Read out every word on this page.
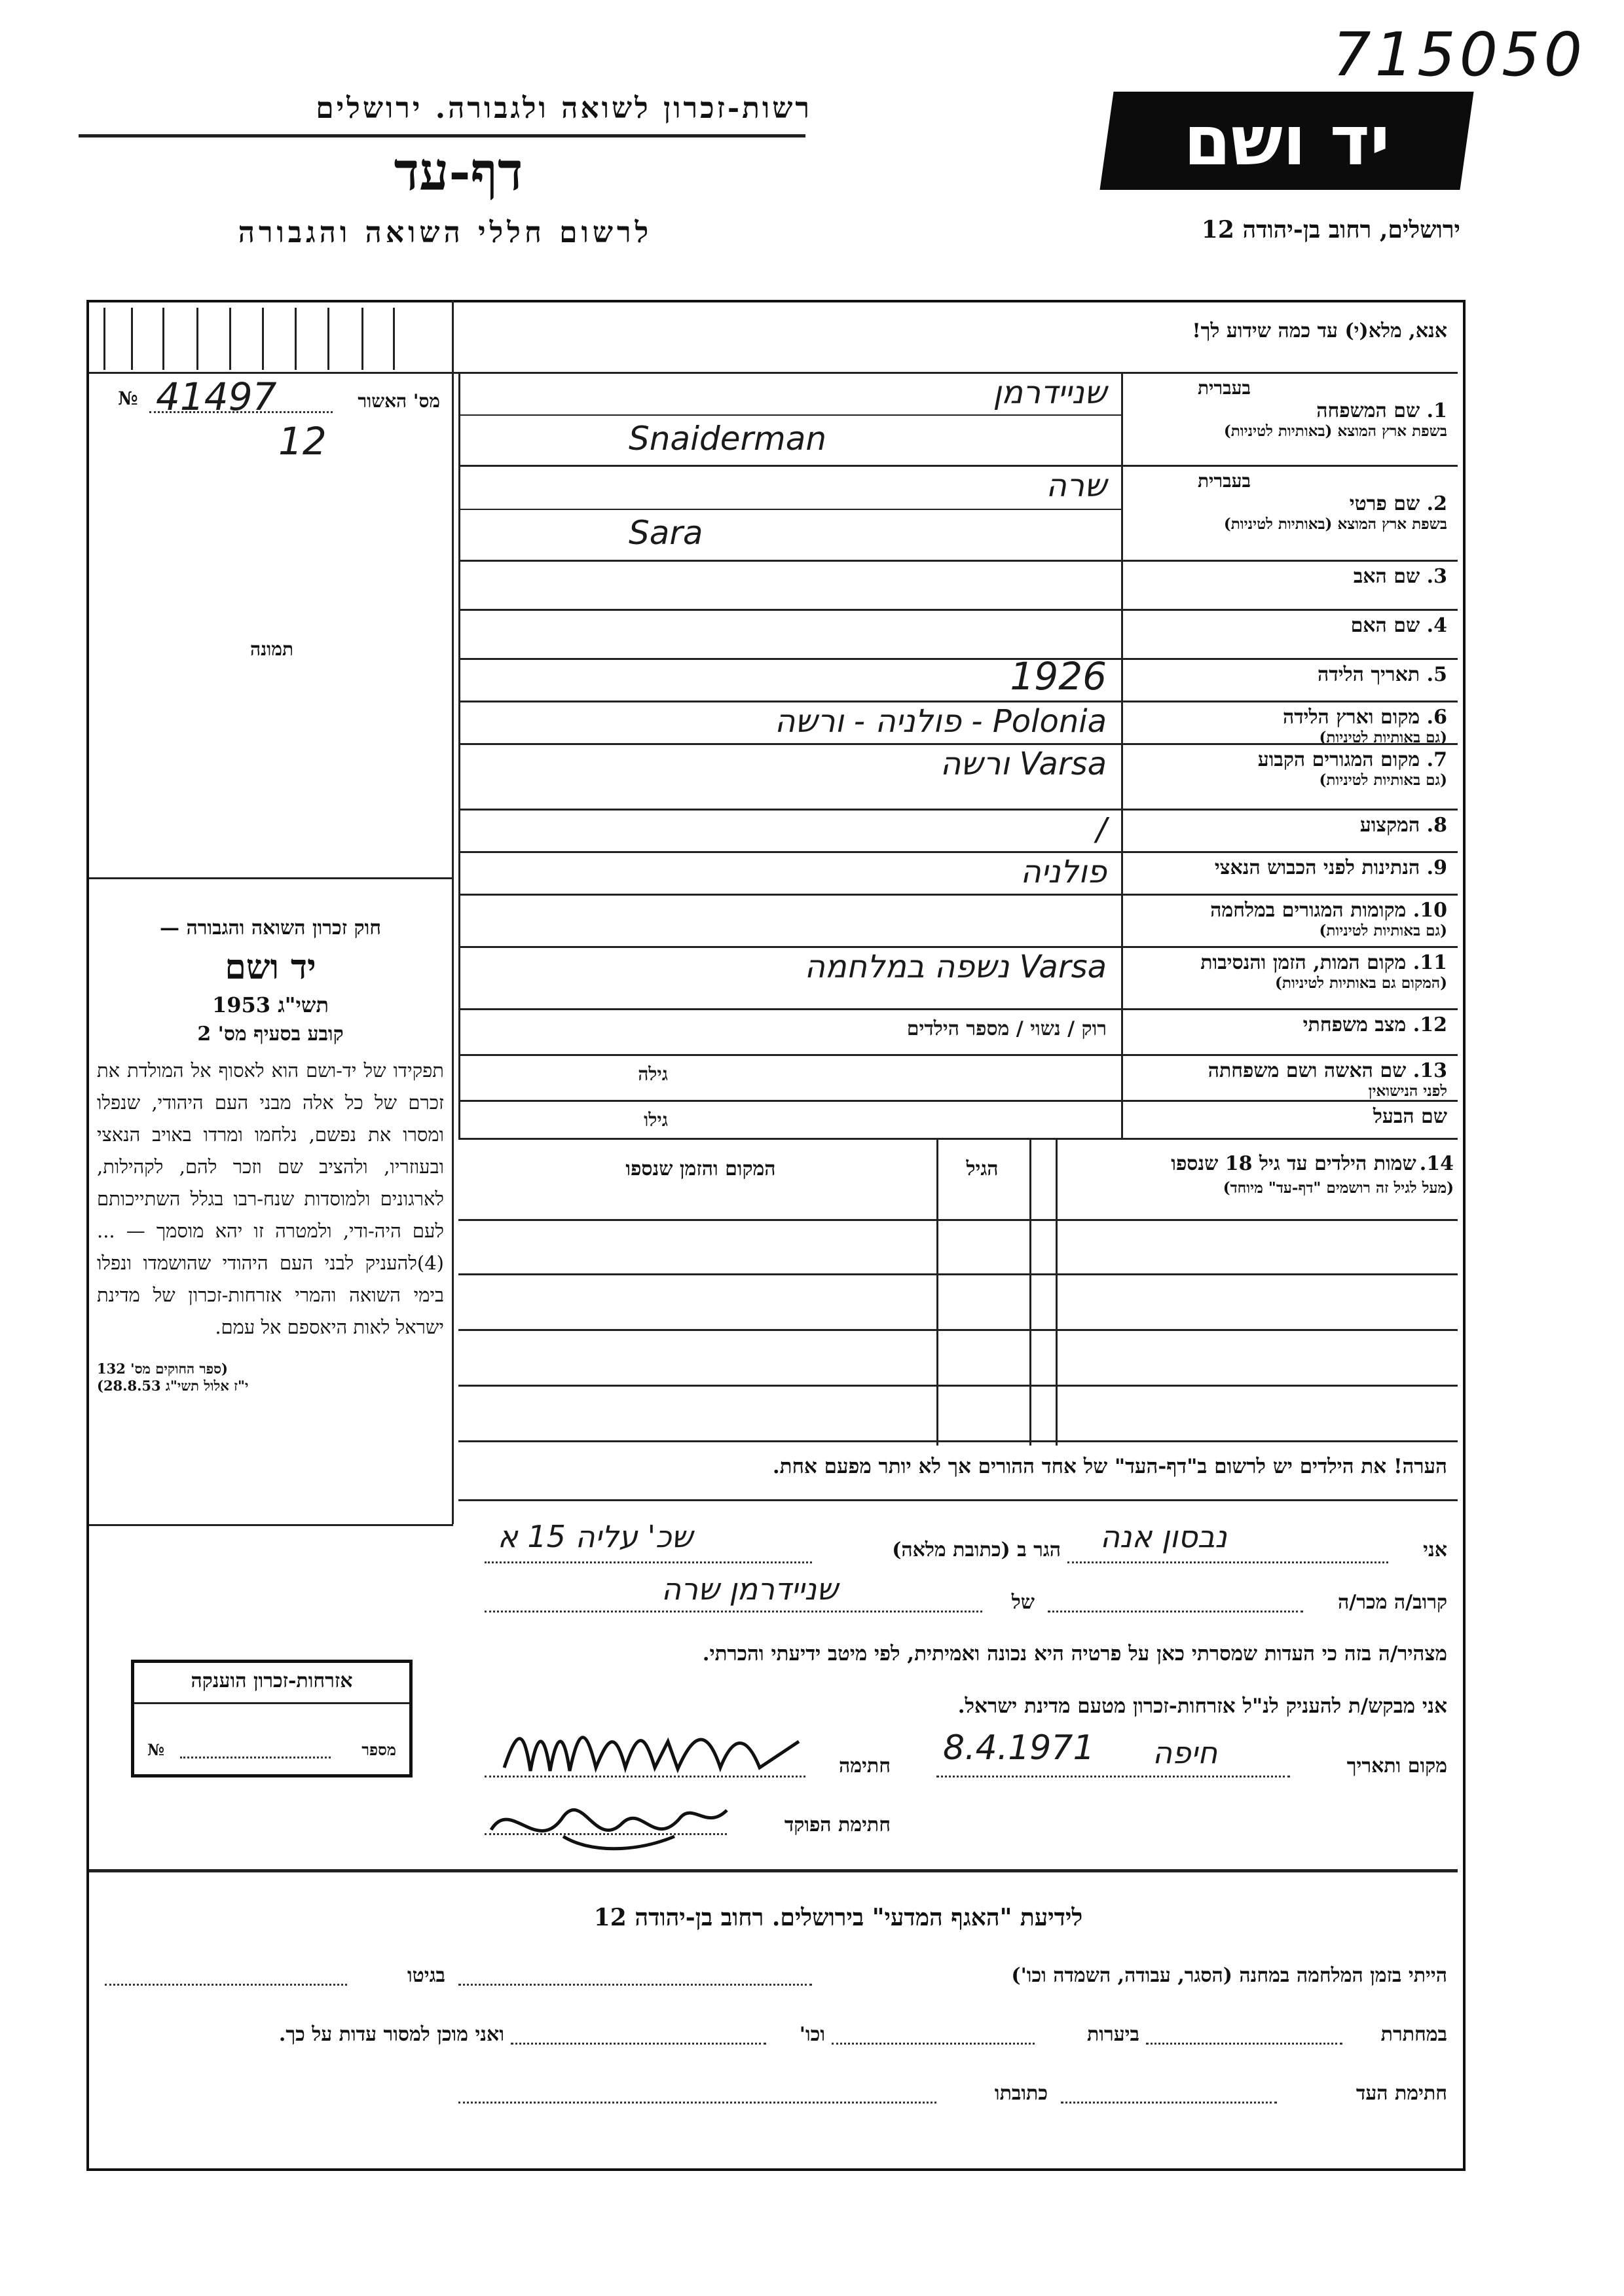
715050
רשות-זכרון לשואה ולגבורה. ירושלים
דף-עד
לרשום חללי השואה והגבורה
יד ושם
ירושלים, רחוב בן-יהודה 12
אנא, מלא(י) עד כמה שידוע לך!
№ 41497
12
מס' האשור
תמונה

חוק זכרון השואה והגבורה —

יד ושם

תשי"ג 1953

קובע בסעיף מס' 2

תפקידו של יד-ושם הוא לאסוף אל המולדת את זכרם של כל אלה מבני העם היהודי, שנפלו ומסרו את נפשם, נלחמו ומרדו באויב הנאצי ובעוזריו, ולהציב שם וזכר להם, לקהילות, לארגונים ולמוסדות שנח-רבו בגלל השתייכותם לעם היה-ודי, ולמטרה זו יהא מוסמך — ...(4)להעניק לבני העם היהודי שהושמדו ונפלו בימי השואה והמרי אזרחות-זכרון של מדינת ישראל לאות היאספם אל עמם.

(ספר החוקים מס' 132

י"ז אלול תשי"ג 28.8.53)

בעברית
1. שם המשפחה
בשפת ארץ המוצא (באותיות לטיניות)
שניידרמן
Snaiderman
בעברית
2. שם פרטי
בשפת ארץ המוצא (באותיות לטיניות)
שרה
Sara
3. שם האב
4. שם האם
5. תאריך הלידה
1926
6. מקום וארץ הלידה
(גם באותיות לטיניות)
Polonia - פולניה - ורשה
7. מקום המגורים הקבוע
(גם באותיות לטיניות)
Varsa ורשה
8. המקצוע
/
9. הנתינות לפני הכבוש הנאצי
פולניה
10. מקומות המגורים במלחמה
(גם באותיות לטיניות)
11. מקום המות, הזמן והנסיבות
(המקום גם באותיות לטיניות)
Varsa נשפה במלחמה
12. מצב משפחתי
רוק / נשוי / מספר הילדים
13. שם האשה ושם משפחתה
לפני הנישואין
גילה
שם הבעל
גילו
14. שמות הילדים עד גיל 18 שנספו
(מעל לגיל זה רושמים "דף-עד" מיוחד)
הגיל
המקום והזמן שנספו
הערה! את הילדים יש לרשום ב"דף-העד" של אחד ההורים אך לא יותר מפעם אחת.
אני
נבסון אנה
הגר ב (כתובת מלאה)
שכ' עליה 15 א
קרוב/ה מכר/ה
של
שניידרמן שרה
מצהיר/ה בזה כי העדות שמסרתי כאן על פרטיה היא נכונה ואמיתית, לפי מיטב ידיעתי והכרתי.
אני מבקש/ת להעניק לנ"ל אזרחות-זכרון מטעם מדינת ישראל.
מקום ותאריך
חיפה
8.4.1971
חתימה
חתימת הפוקד
אזרחות-זכרון הוענקה
מספר
№
לידיעת "האגף המדעי" בירושלים. רחוב בן-יהודה 12
הייתי בזמן המלחמה במחנה (הסגר, עבודה, השמדה וכו')
בגיטו
במחתרת
ביערות
וכו'
ואני מוכן למסור עדות על כך.
חתימת העד
כתובתו
